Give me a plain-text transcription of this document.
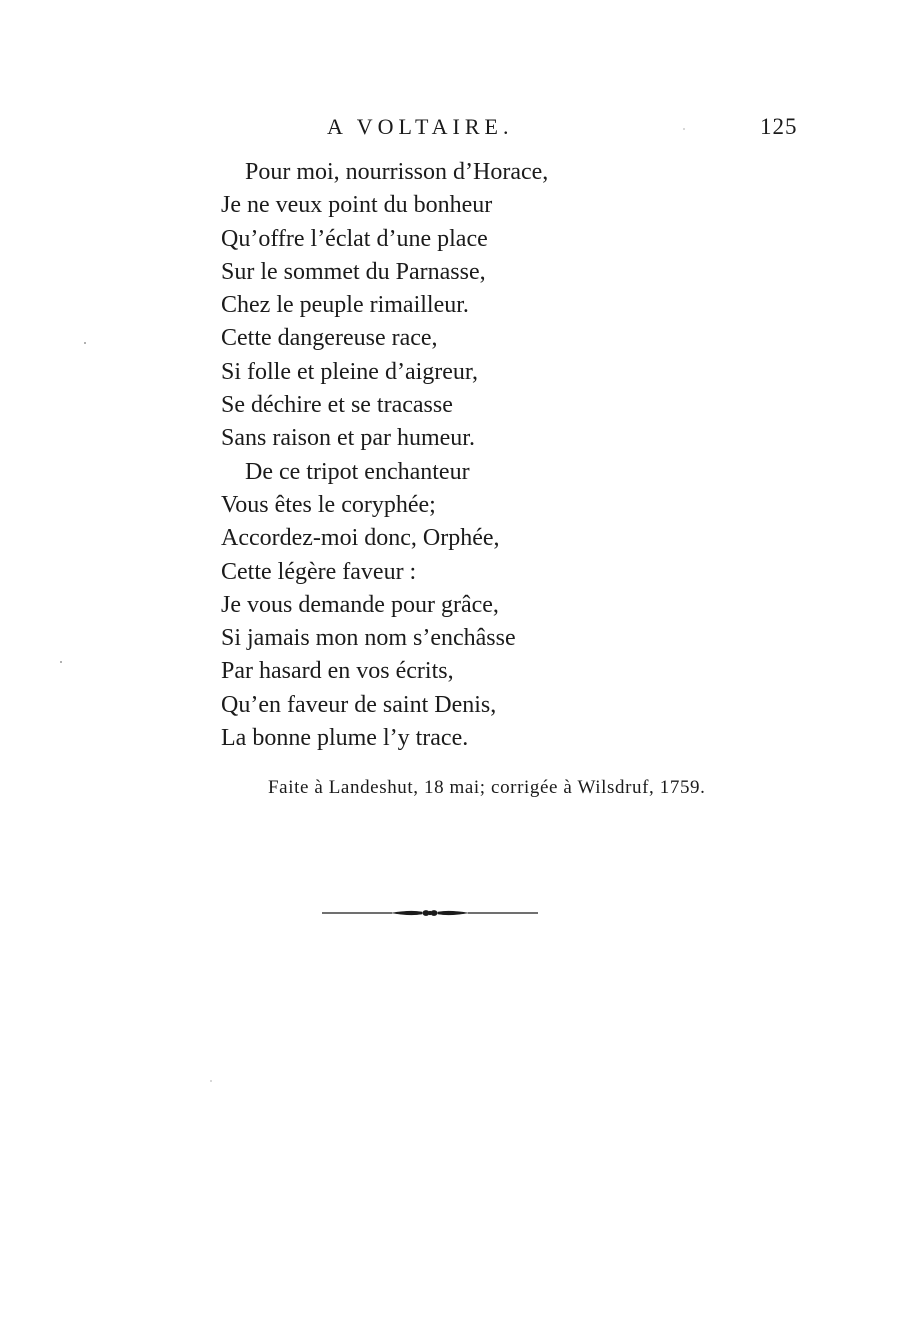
A VOLTAIRE.	125
Pour moi, nourrisson d’Horace,
Je ne veux point du bonheur
Qu’offre l’éclat d’une place
Sur le sommet du Parnasse,
Chez le peuple rimailleur.
Cette dangereuse race,
Si folle et pleine d’aigreur,
Se déchire et se tracasse
Sans raison et par humeur.
De ce tripot enchanteur
Vous êtes le coryphée;
Accordez-moi donc, Orphée,
Cette légère faveur :
Je vous demande pour grâce,
Si jamais mon nom s’enchâsse
Par hasard en vos écrits,
Qu’en faveur de saint Denis,
La bonne plume l’y trace.
Faite à Landeshut, 18 mai; corrigée à Wilsdruf, 1759.
